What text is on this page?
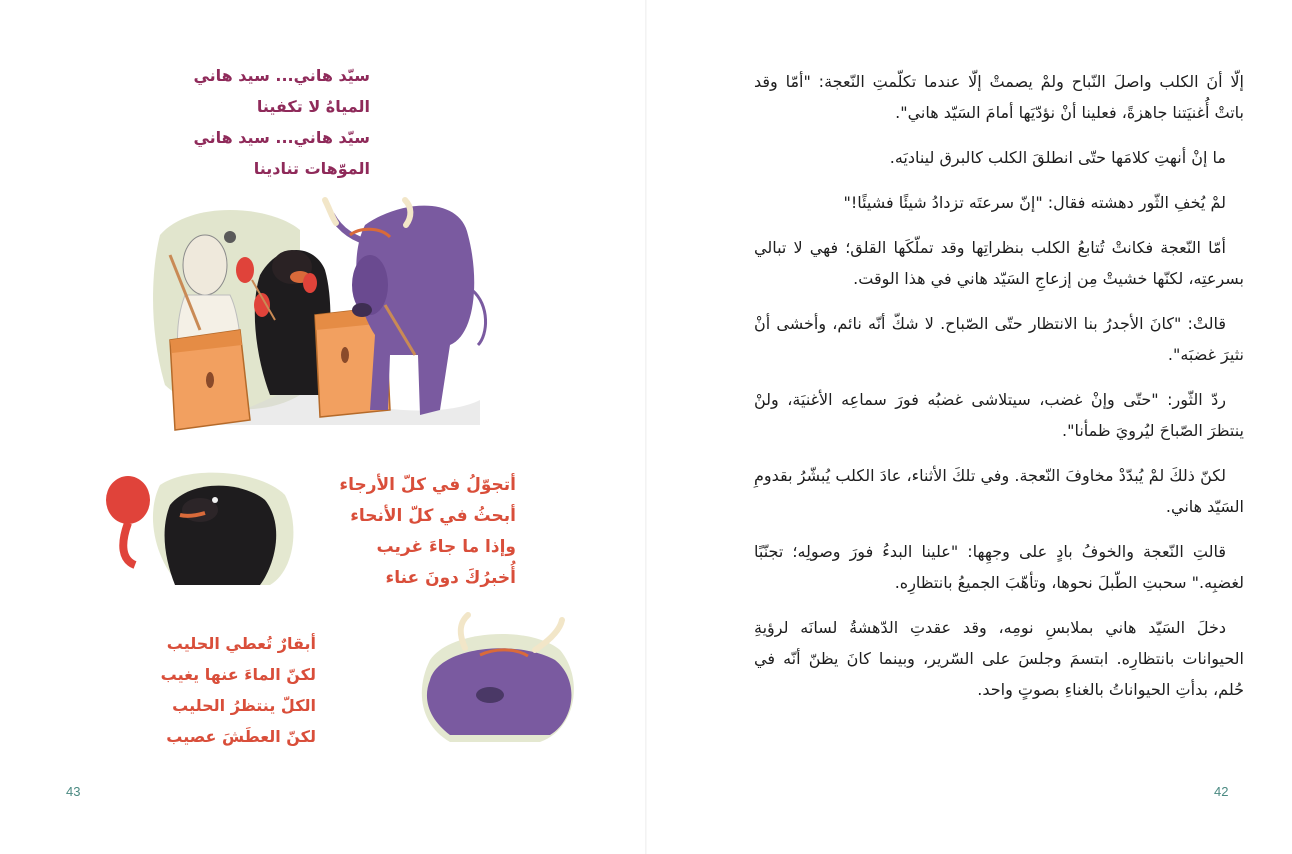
سيّد هاني... سيد هاني
المياهُ لا تكفينا
سيّد هاني... سيد هاني
الموّهات تنادينا
أتجوّلُ في كلّ الأرجاء
أبحثُ في كلّ الأنحاء
وإذا ما جاءَ غريب
أُخبرُكَ دونَ عناء
أبقارٌ تُعطي الحليب
لكنّ الماءَ عنها يغيب
الكلّ ينتظرُ الحليب
لكنّ العطَشَ عصيب
43

إلّا أنَ الكلب واصلَ النّباح ولمْ يصمتْ إلّا عندما تكلّمتِ النّعجة: "أمّا وقد باتتْ أُغنيَتنا جاهزةً، فعلينا أنْ نؤدّيَها أمامَ السَيّد هاني".

ما إنْ أنهتِ كلامَها حتّى انطلقَ الكلب كالبرق ليناديَه.

لمْ يُخفِ الثّور دهشته فقال: "إنّ سرعتَه تزدادُ شيئًا فشيئًا!"

أمّا النّعجة فكانتْ تُتابعُ الكلب بنظراتِها وقد تملّكَها القلق؛ فهي لا تبالي بسرعتِه، لكنّها خشيتْ مِن إزعاجِ السَيّد هاني في هذا الوقت.

قالتْ: "كانَ الأجدرُ بنا الانتظار حتّى الصّباح. لا شكّ أنّه نائم، وأخشى أنْ نثيرَ غضبَه".

ردّ الثّور: "حتّى وإنْ غضب، سيتلاشى غضبُه فورَ سماعِه الأغنيَة، ولنْ ينتظرَ الصّباحَ ليُرويَ ظمأنا".

لكنّ ذلكَ لمْ يُبدّدْ مخاوفَ النّعجة. وفي تلكَ الأثناء، عادَ الكلب يُبشّرُ بقدومِ السَيّد هاني.

قالتِ النّعجة والخوفُ بادٍ على وجهِها: "علينا البدءُ فورَ وصولِه؛ تجنّبًا لغضبِه." سحبتِ الطّبلَ نحوها، وتأهّبَ الجميعُ بانتظارِه.

دخلَ السَيّد هاني بملابسِ نومِه، وقد عقدتِ الدّهشةُ لسانَه لرؤيةِ الحيوانات بانتظارِه. ابتسمَ وجلسَ على السّرير، وبينما كانَ يظنّ أنّه في حُلم، بدأتِ الحيواناتُ بالغناءِ بصوتٍ واحد.

42
